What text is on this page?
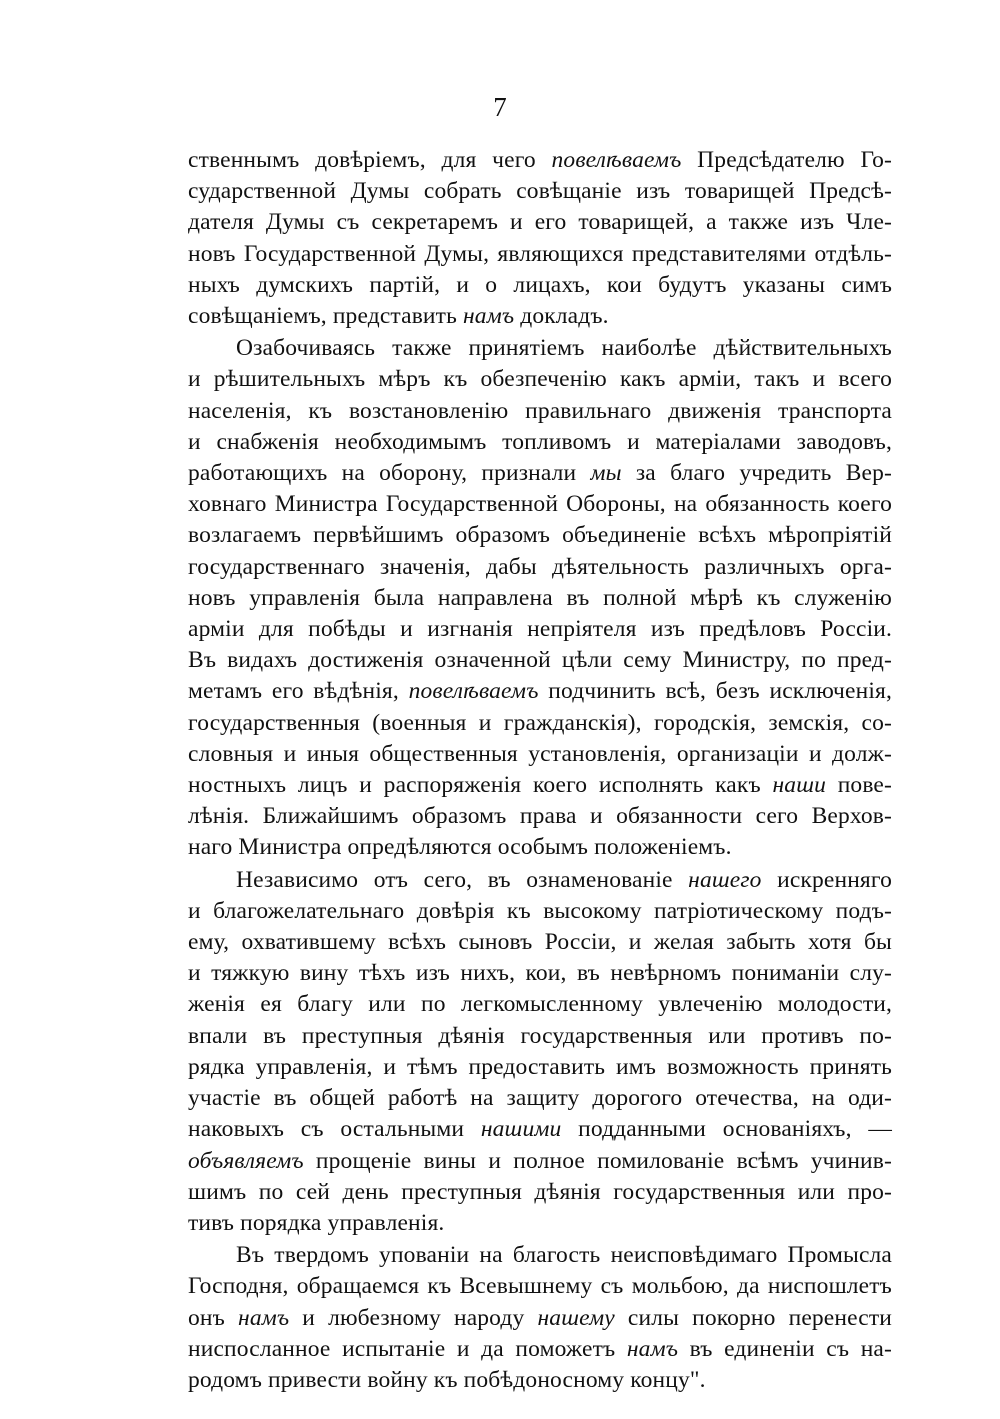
7

ственнымъ довѣріемъ, для чего повелѣваемъ Предсѣдателю Го-
сударственной Думы собрать совѣщаніе изъ товарищей Предсѣ-
дателя Думы съ секретаремъ и его товарищей, а также изъ Чле-
новъ Государственной Думы, являющихся представителями отдѣль-
ныхъ думскихъ партій, и о лицахъ, кои будутъ указаны симъ
совѣщаніемъ, представить намъ докладъ.

Озабочиваясь также принятіемъ наиболѣе дѣйствительныхъ
и рѣшительныхъ мѣръ къ обезпеченію какъ арміи, такъ и всего
населенія, къ возстановленію правильнаго движенія транспорта
и снабженія необходимымъ топливомъ и матеріалами заводовъ,
работающихъ на оборону, признали мы за благо учредить Вер-
ховнаго Министра Государственной Обороны, на обязанность коего
возлагаемъ первѣйшимъ образомъ объединеніе всѣхъ мѣропріятій
государственнаго значенія, дабы дѣятельность различныхъ орга-
новъ управленія была направлена въ полной мѣрѣ къ служенію
арміи для побѣды и изгнанія непріятеля изъ предѣловъ Россіи.
Въ видахъ достиженія означенной цѣли сему Министру, по пред-
метамъ его вѣдѣнія, повелѣваемъ подчинить всѣ, безъ исключенія,
государственныя (военныя и гражданскія), городскія, земскія, со-
словныя и иныя общественныя установленія, организаціи и долж-
ностныхъ лицъ и распоряженія коего исполнять какъ наши пове-
лѣнія. Ближайшимъ образомъ права и обязанности сего Верхов-
наго Министра опредѣляются особымъ положеніемъ.

Независимо отъ сего, въ ознаменованіе нашего искренняго
и благожелательнаго довѣрія къ высокому патріотическому подъ-
ему, охватившему всѣхъ сыновъ Россіи, и желая забыть хотя бы
и тяжкую вину тѣхъ изъ нихъ, кои, въ невѣрномъ пониманіи слу-
женія ея благу или по легкомысленному увлеченію молодости,
впали въ преступныя дѣянія государственныя или противъ по-
рядка управленія, и тѣмъ предоставить имъ возможность принять
участіе въ общей работѣ на защиту дорогого отечества, на оди-
наковыхъ съ остальными нашими подданными основаніяхъ, —
объявляемъ прощеніе вины и полное помилованіе всѣмъ учинив-
шимъ по сей день преступныя дѣянія государственныя или про-
тивъ порядка управленія.

Въ твердомъ упованіи на благость неисповѣдимаго Промысла
Господня, обращаемся къ Всевышнему съ мольбою, да ниспошлетъ
онъ намъ и любезному народу нашему силы покорно перенести
ниспосланное испытаніе и да поможетъ намъ въ единеніи съ на-
родомъ привести войну къ побѣдоносному концу".
